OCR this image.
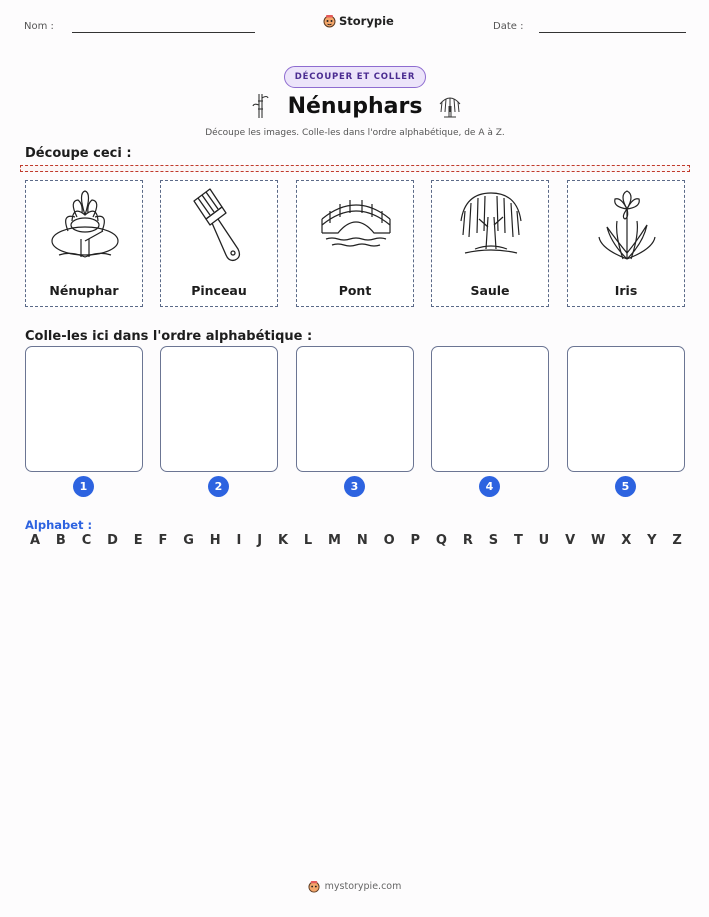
Nom :	Storypie	Date :
DÉCOUPER ET COLLER
Nénuphars
Découpe les images. Colle-les dans l'ordre alphabétique, de A à Z.
Découpe ceci :
Nénuphar	Pinceau	Pont	Saule	Iris
Colle-les ici dans l'ordre alphabétique :
1	2	3	4	5
Alphabet :
A B C D E F G H I J K L M N O P Q R S T U V W X Y Z
mystorypie.com
